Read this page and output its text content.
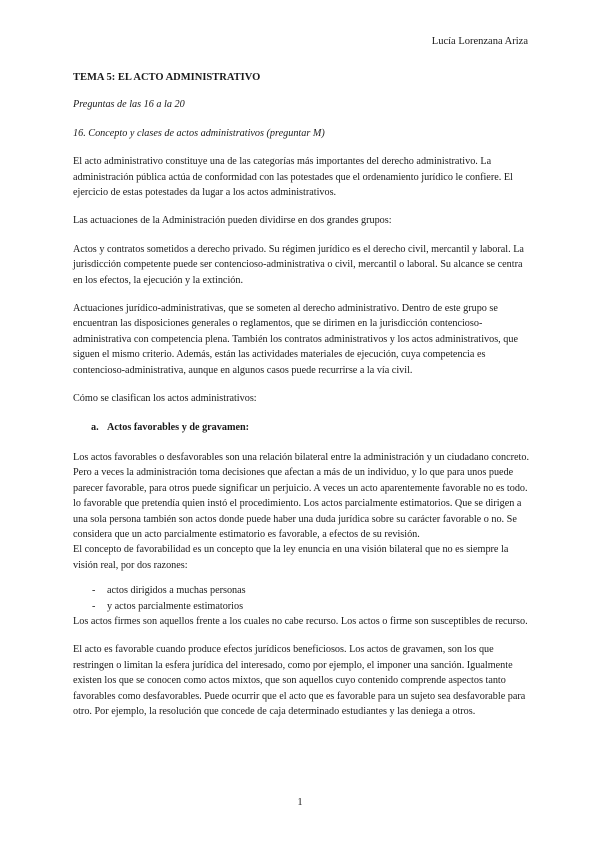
Lucía Lorenzana Ariza
TEMA 5: EL ACTO ADMINISTRATIVO
Preguntas de las 16 a la 20
16. Concepto y clases de actos administrativos (preguntar M)

El acto administrativo constituye una de las categorías más importantes del derecho administrativo. La administración pública actúa de conformidad con las potestades que el ordenamiento jurídico le confiere. El ejercicio de estas potestades da lugar a los actos administrativos.

Las actuaciones de la Administración pueden dividirse en dos grandes grupos:

Actos y contratos sometidos a derecho privado. Su régimen jurídico es el derecho civil, mercantil y laboral. La jurisdicción competente puede ser contencioso-administrativa o civil, mercantil o laboral. Su alcance se centra en los efectos, la ejecución y la extinción.

Actuaciones jurídico-administrativas, que se someten al derecho administrativo. Dentro de este grupo se encuentran las disposiciones generales o reglamentos, que se dirimen en la jurisdicción contencioso-administrativa con competencia plena. También los contratos administrativos y los actos administrativos, que siguen el mismo criterio. Además, están las actividades materiales de ejecución, cuya competencia es contencioso-administrativa, aunque en algunos casos puede recurrirse a la vía civil.

Cómo se clasifican los actos administrativos:

a. Actos favorables y de gravamen:

Los actos favorables o desfavorables son una relación bilateral entre la administración y un ciudadano concreto. Pero a veces la administración toma decisiones que afectan a más de un individuo, y lo que para unos puede parecer favorable, para otros puede significar un perjuicio. A veces un acto aparentemente favorable no es todo. lo favorable que pretendía quien instó el procedimiento. Los actos parcialmente estimatorios. Que se dirigen a una sola persona también son actos donde puede haber una duda jurídica sobre su carácter favorable o no. Se considera que un acto parcialmente estimatorio es favorable, a efectos de su revisión.

El concepto de favorabilidad es un concepto que la ley enuncia en una visión bilateral que no es siempre la visión real, por dos razones:

- actos dirigidos a muchas personas
- y actos parcialmente estimatorios

Los actos firmes son aquellos frente a los cuales no cabe recurso. Los actos o firme son susceptibles de recurso.

El acto es favorable cuando produce efectos jurídicos beneficiosos. Los actos de gravamen, son los que restringen o limitan la esfera jurídica del interesado, como por ejemplo, el imponer una sanción. Igualmente existen los que se conocen como actos mixtos, que son aquellos cuyo contenido comprende aspectos tanto favorables como desfavorables. Puede ocurrir que el acto que es favorable para un sujeto sea desfavorable para otro. Por ejemplo, la resolución que concede de caja determinado estudiantes y las deniega a otros.

1
